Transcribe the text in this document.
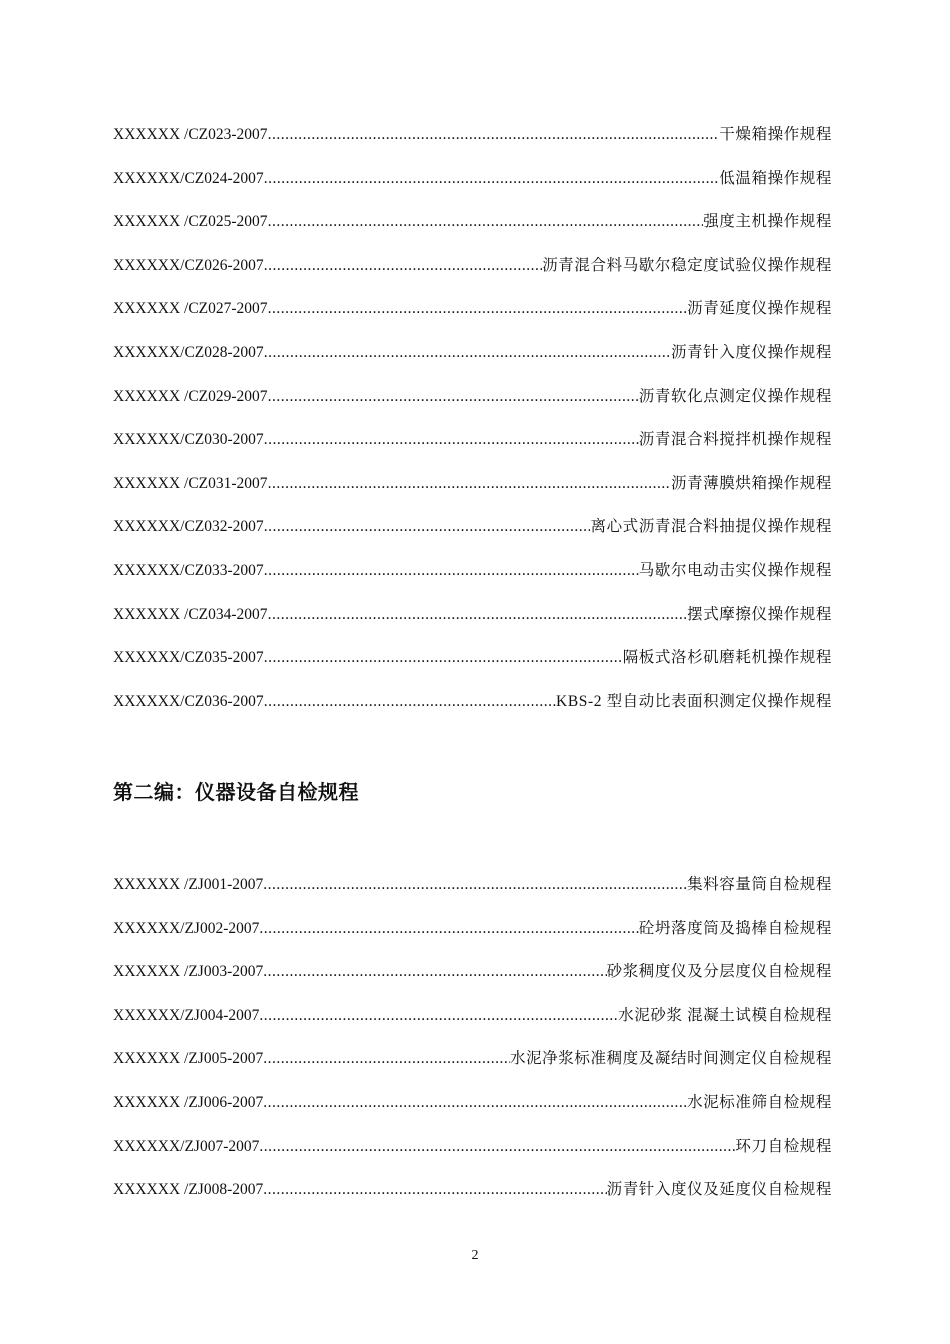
XXXXXX /CZ023-2007 .....	干燥箱操作规程
XXXXXX/CZ024-2007 .....	低温箱操作规程
XXXXXX /CZ025-2007 .....	强度主机操作规程
XXXXXX/CZ026-2007 .....	沥青混合料马歇尔稳定度试验仪操作规程
XXXXXX /CZ027-2007 .....	沥青延度仪操作规程
XXXXXX/CZ028-2007 .....	沥青针入度仪操作规程
XXXXXX /CZ029-2007 .....	沥青软化点测定仪操作规程
XXXXXX/CZ030-2007 .....	沥青混合料搅拌机操作规程
XXXXXX /CZ031-2007 .....	沥青薄膜烘箱操作规程
XXXXXX/CZ032-2007 .....	离心式沥青混合料抽提仪操作规程
XXXXXX/CZ033-2007 .....	马歇尔电动击实仪操作规程
XXXXXX /CZ034-2007 .....	摆式摩擦仪操作规程
XXXXXX/CZ035-2007 .....	隔板式洛杉矶磨耗机操作规程
XXXXXX/CZ036-2007 .....	KBS-2 型自动比表面积测定仪操作规程
第二编：仪器设备自检规程
XXXXXX /ZJ001-2007 .....	集料容量筒自检规程
XXXXXX/ZJ002-2007 .....	砼坍落度筒及捣棒自检规程
XXXXXX /ZJ003-2007 .....	砂浆稠度仪及分层度仪自检规程
XXXXXX/ZJ004-2007 .....	水泥砂浆 混凝土试模自检规程
XXXXXX /ZJ005-2007 .....	水泥净浆标准稠度及凝结时间测定仪自检规程
XXXXXX /ZJ006-2007 .....	水泥标准筛自检规程
XXXXXX/ZJ007-2007 .....	环刀自检规程
XXXXXX /ZJ008-2007 .....	沥青针入度仪及延度仪自检规程
2
